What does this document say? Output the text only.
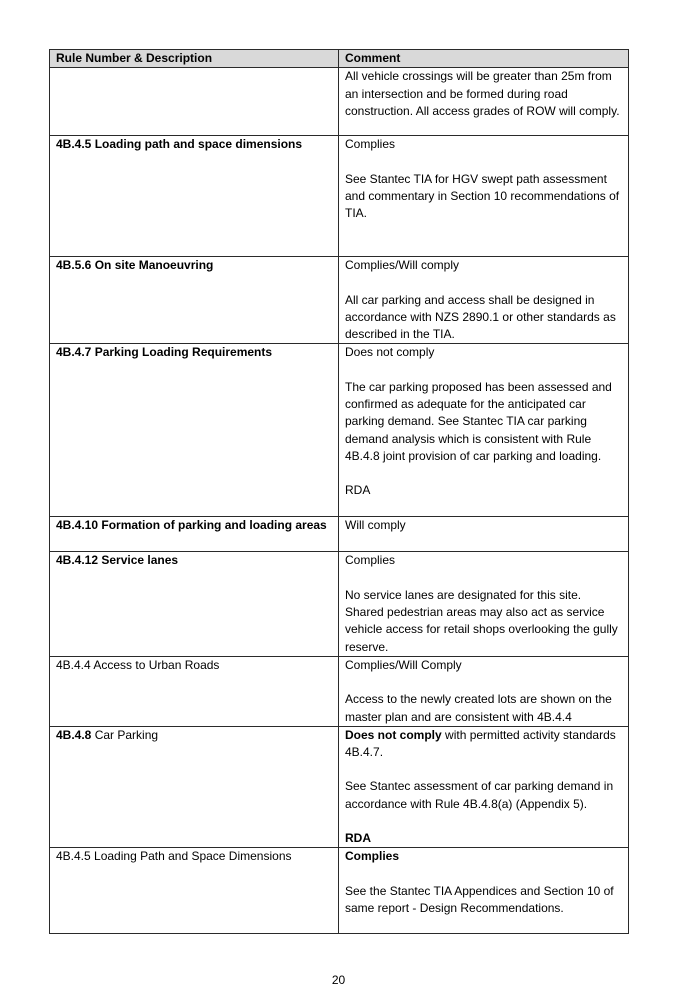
Rule Number & Description	Comment

	All vehicle crossings will be greater than 25m from an intersection and be formed during road construction. All access grades of ROW will comply.

4B.4.5 Loading path and space dimensions	Complies
See Stantec TIA for HGV swept path assessment and commentary in Section 10 recommendations of TIA.

4B.5.6 On site Manoeuvring	Complies/Will comply
All car parking and access shall be designed in accordance with NZS 2890.1 or other standards as described in the TIA.

4B.4.7 Parking Loading Requirements	Does not comply
The car parking proposed has been assessed and confirmed as adequate for the anticipated car parking demand. See Stantec TIA car parking demand analysis which is consistent with Rule 4B.4.8 joint provision of car parking and loading.
RDA

4B.4.10 Formation of parking and loading areas	Will comply

4B.4.12 Service lanes	Complies
No service lanes are designated for this site. Shared pedestrian areas may also act as service vehicle access for retail shops overlooking the gully reserve.

4B.4.4 Access to Urban Roads	Complies/Will Comply
Access to the newly created lots are shown on the master plan and are consistent with 4B.4.4

4B.4.8 Car Parking	Does not comply with permitted activity standards 4B.4.7.
See Stantec assessment of car parking demand in accordance with Rule 4B.4.8(a) (Appendix 5).
RDA

4B.4.5 Loading Path and Space Dimensions	Complies
See the Stantec TIA Appendices and Section 10 of same report - Design Recommendations.
20
